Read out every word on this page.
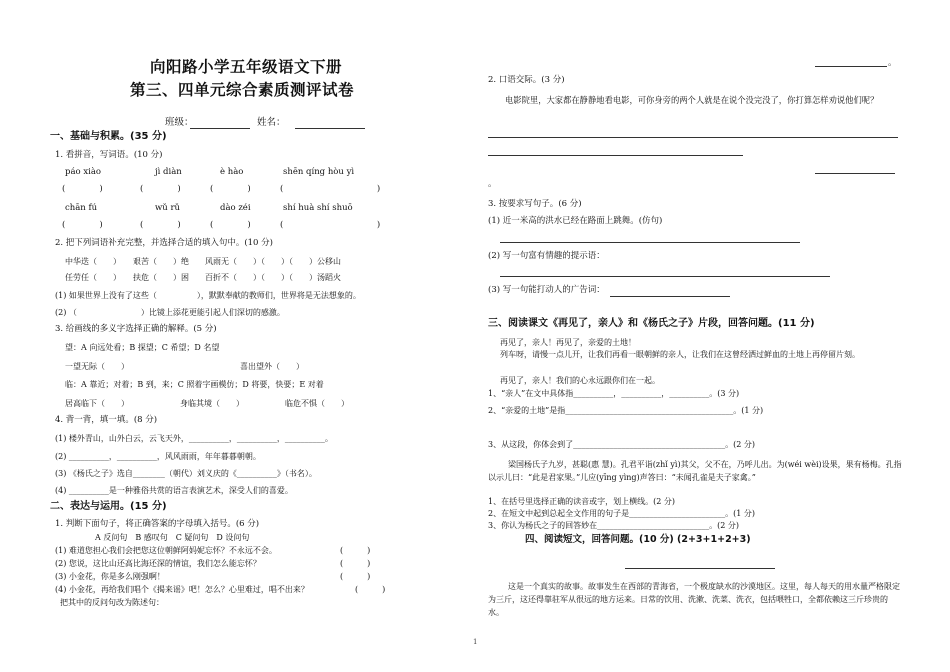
向阳路小学五年级语文下册
第三、四单元综合素质测评试卷
班级：	姓名：
一、基础与积累。(35 分)
1. 看拼音，写词语。(10 分)
páo xiào	jì diàn	è hào	shēn qíng hòu yì
(　　　　)	(　　　　)	(　　　　)	(　　　　　　　　　　　)
chān fú	wǔ rǔ	dào zéi	shí huà shí shuō
(　　　　)	(　　　　)	(　　　　)	(　　　　　　　　　　　)
2. 把下列词语补充完整，并选择合适的填入句中。(10 分)
中华迭（　　）　　艰苦（　　）绝　　风雨无（　　）（　　）（　　）公移山
任劳任（　　）　　扶危（　　）困　　百折不（　　）（　　）（　　）汤蹈火
(1) 如果世界上没有了这些（　　　　　），默默奉献的教师们，世界将是无法想象的。
(2) （　　　　　　　　）比镜上添花更能引起人们深切的感激。
3. 给画线的多义字选择正确的解释。(5 分)
望：A 向远处看；B 探望；C 希望；D 名望
一望无际（　　）	喜出望外（　　）
临：A 靠近；对着；B 到，来；C 照着字画模仿；D 将要，快要；E 对着
居高临下（　　）	身临其境（　　）	临危不惧（　　）
4. 背一背，填一填。(8 分)
(1) 楼外青山，山外白云，云飞天外，__________，__________，__________。
(2) __________，__________，风风雨雨，年年暮暮朝朝。
(3) 《杨氏之子》选自________（朝代）刘义庆的《__________》（书名）。
(4) __________是一种雅俗共赏的语言表演艺术，深受人们的喜爱。
二、表达与运用。(15 分)
1. 判断下面句子，将正确答案的字母填入括号。(6 分)
A 反问句　B 感叹句　C 疑问句　D 设问句
(1) 难道您担心我们会把您这位朝鲜阿妈妮忘怀？不永远不会。	(　　　)
(2) 您说，这比山还高比海还深的情谊，我们怎么能忘怀？	(　　　)
(3) 小金花，你是多么刚强啊！	(　　　)
(4) 小金花，再给我们唱个《揭来谣》吧！怎么？心里难过，唱不出来？	(　　　)
把其中的反问句改为陈述句：
。
2. 口语交际。(3 分)
电影院里，大家都在静静地看电影，可你身旁的两个人就是在说个没完没了，你打算怎样劝说他们呢？
。
3. 按要求写句子。(6 分)
(1) 近一米高的洪水已经在路面上跳舞。(仿句)
(2) 写一句富有情趣的提示语：
(3) 写一句能打动人的广告词：
三、阅读课文《再见了，亲人》和《杨氏之子》片段，回答问题。(11 分)
再见了，亲人！再见了，亲爱的土地！
列车呀，请慢一点儿开，让我们再看一眼朝鲜的亲人，让我们在这曾经洒过鲜血的土地上再停留片刻。
再见了，亲人！我们的心永远跟你们在一起。
1、“亲人”在文中具体指__________，__________，__________。(3 分)
2、“亲爱的土地”是指__________________________________________。(1 分)
3、从这段，你体会到了______________________________________。(2 分)
梁国杨氏子九岁，甚聪(惠 慧)。孔君平诣(zhǐ yì)其父，父不在，乃呼儿出。为(wéi wèi)设果，果有杨梅。孔指以示儿曰：“此是君家果。”儿应(yīng yìng)声答曰：“未闻孔雀是夫子家禽。”
1、在括号里选择正确的读音或字，划上横线。(2 分)
2、在短文中起到总起全文作用的句子是________________________。(1 分)
3、你认为杨氏之子的回答妙在____________________________。(2 分)
四、阅读短文，回答问题。(10 分) (2+3+1+2+3)
这是一个真实的故事。故事发生在西部的青海省，一个极度缺水的沙漠地区。这里，每人每天的用水量严格限定为三斤，这还得靠驻军从很远的地方运来。日常的饮用、洗漱、洗菜、洗衣，包括喂牲口，全都依赖这三斤珍贵的水。
1
